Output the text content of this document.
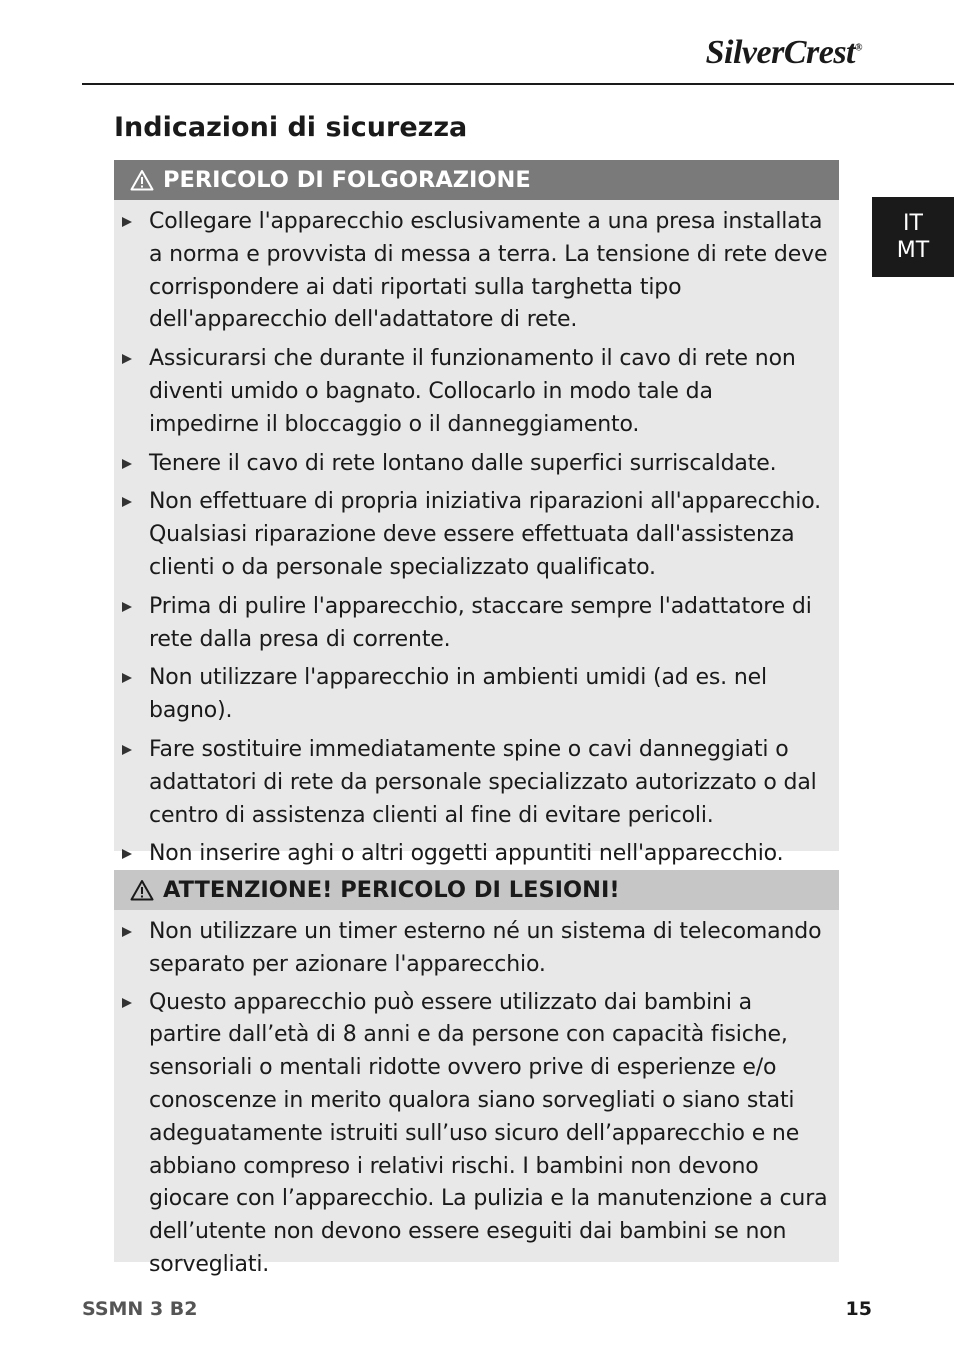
SilverCrest®
IT
MT
Indicazioni di sicurezza
PERICOLO DI FOLGORAZIONE
Collegare l'apparecchio esclusivamente a una presa installata a norma e provvista di messa a terra. La tensione di rete deve corrispondere ai dati riportati sulla targhetta tipo dell'apparecchio dell'adattatore di rete.
Assicurarsi che durante il funzionamento il cavo di rete non diventi umido o bagnato. Collocarlo in modo tale da impedirne il bloccaggio o il danneggiamento.
Tenere il cavo di rete lontano dalle superfici surriscaldate.
Non effettuare di propria iniziativa riparazioni all'apparecchio. Qualsiasi riparazione deve essere effettuata dall'assistenza clienti o da personale specializzato qualificato.
Prima di pulire l'apparecchio, staccare sempre l'adattatore di rete dalla presa di corrente.
Non utilizzare l'apparecchio in ambienti umidi (ad es. nel bagno).
Fare sostituire immediatamente spine o cavi danneggiati o adattatori di rete da personale specializzato autorizzato o dal centro di assistenza clienti al fine di evitare pericoli.
Non inserire aghi o altri oggetti appuntiti nell'apparecchio.
ATTENZIONE! PERICOLO DI LESIONI!
Non utilizzare un timer esterno né un sistema di telecomando separato per azionare l'apparecchio.
Questo apparecchio può essere utilizzato dai bambini a partire dall’età di 8 anni e da persone con capacità fisiche, sensoriali o mentali ridotte ovvero prive di esperienze e/o conoscenze in merito qualora siano sorvegliati o siano stati adeguatamente istruiti sull’uso sicuro dell’apparecchio e ne abbiano compreso i relativi rischi. I bambini non devono giocare con l’apparecchio. La pulizia e la manutenzione a cura dell’utente non devono essere eseguiti dai bambini se non sorvegliati.
SSMN 3 B2	15
